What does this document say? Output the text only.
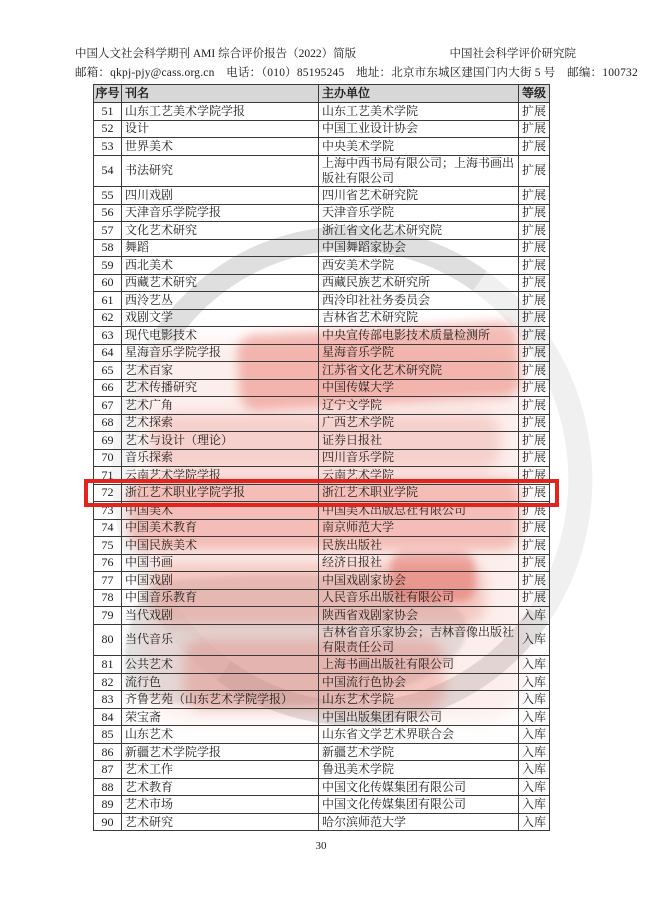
中国人文社会科学期刊 AMI 综合评价报告（2022）简版	中国社会科学评价研究院
邮箱：qkpj-pjy@cass.org.cn　电话：（010）85195245　地址：北京市东城区建国门内大街 5 号　邮编：100732
序号	刊名	主办单位	等级
51	山东工艺美术学院学报	山东工艺美术学院	扩展
52	设计	中国工业设计协会	扩展
53	世界美术	中央美术学院	扩展
54	书法研究	上海中西书局有限公司；上海书画出版社有限公司	扩展
55	四川戏剧	四川省艺术研究院	扩展
56	天津音乐学院学报	天津音乐学院	扩展
57	文化艺术研究	浙江省文化艺术研究院	扩展
58	舞蹈	中国舞蹈家协会	扩展
59	西北美术	西安美术学院	扩展
60	西藏艺术研究	西藏民族艺术研究所	扩展
61	西泠艺丛	西泠印社社务委员会	扩展
62	戏剧文学	吉林省艺术研究院	扩展
63	现代电影技术	中央宣传部电影技术质量检测所	扩展
64	星海音乐学院学报	星海音乐学院	扩展
65	艺术百家	江苏省文化艺术研究院	扩展
66	艺术传播研究	中国传媒大学	扩展
67	艺术广角	辽宁文学院	扩展
68	艺术探索	广西艺术学院	扩展
69	艺术与设计（理论）	证券日报社	扩展
70	音乐探索	四川音乐学院	扩展
71	云南艺术学院学报	云南艺术学院	扩展
72	浙江艺术职业学院学报	浙江艺术职业学院	扩展
73	中国美术	中国美术出版总社有限公司	扩展
74	中国美术教育	南京师范大学	扩展
75	中国民族美术	民族出版社	扩展
76	中国书画	经济日报社	扩展
77	中国戏剧	中国戏剧家协会	扩展
78	中国音乐教育	人民音乐出版社有限公司	扩展
79	当代戏剧	陕西省戏剧家协会	入库
80	当代音乐	吉林省音乐家协会；吉林音像出版社有限责任公司	入库
81	公共艺术	上海书画出版社有限公司	入库
82	流行色	中国流行色协会	入库
83	齐鲁艺苑（山东艺术学院学报）	山东艺术学院	入库
84	荣宝斋	中国出版集团有限公司	入库
85	山东艺术	山东省文学艺术界联合会	入库
86	新疆艺术学院学报	新疆艺术学院	入库
87	艺术工作	鲁迅美术学院	入库
88	艺术教育	中国文化传媒集团有限公司	入库
89	艺术市场	中国文化传媒集团有限公司	入库
90	艺术研究	哈尔滨师范大学	入库
30
